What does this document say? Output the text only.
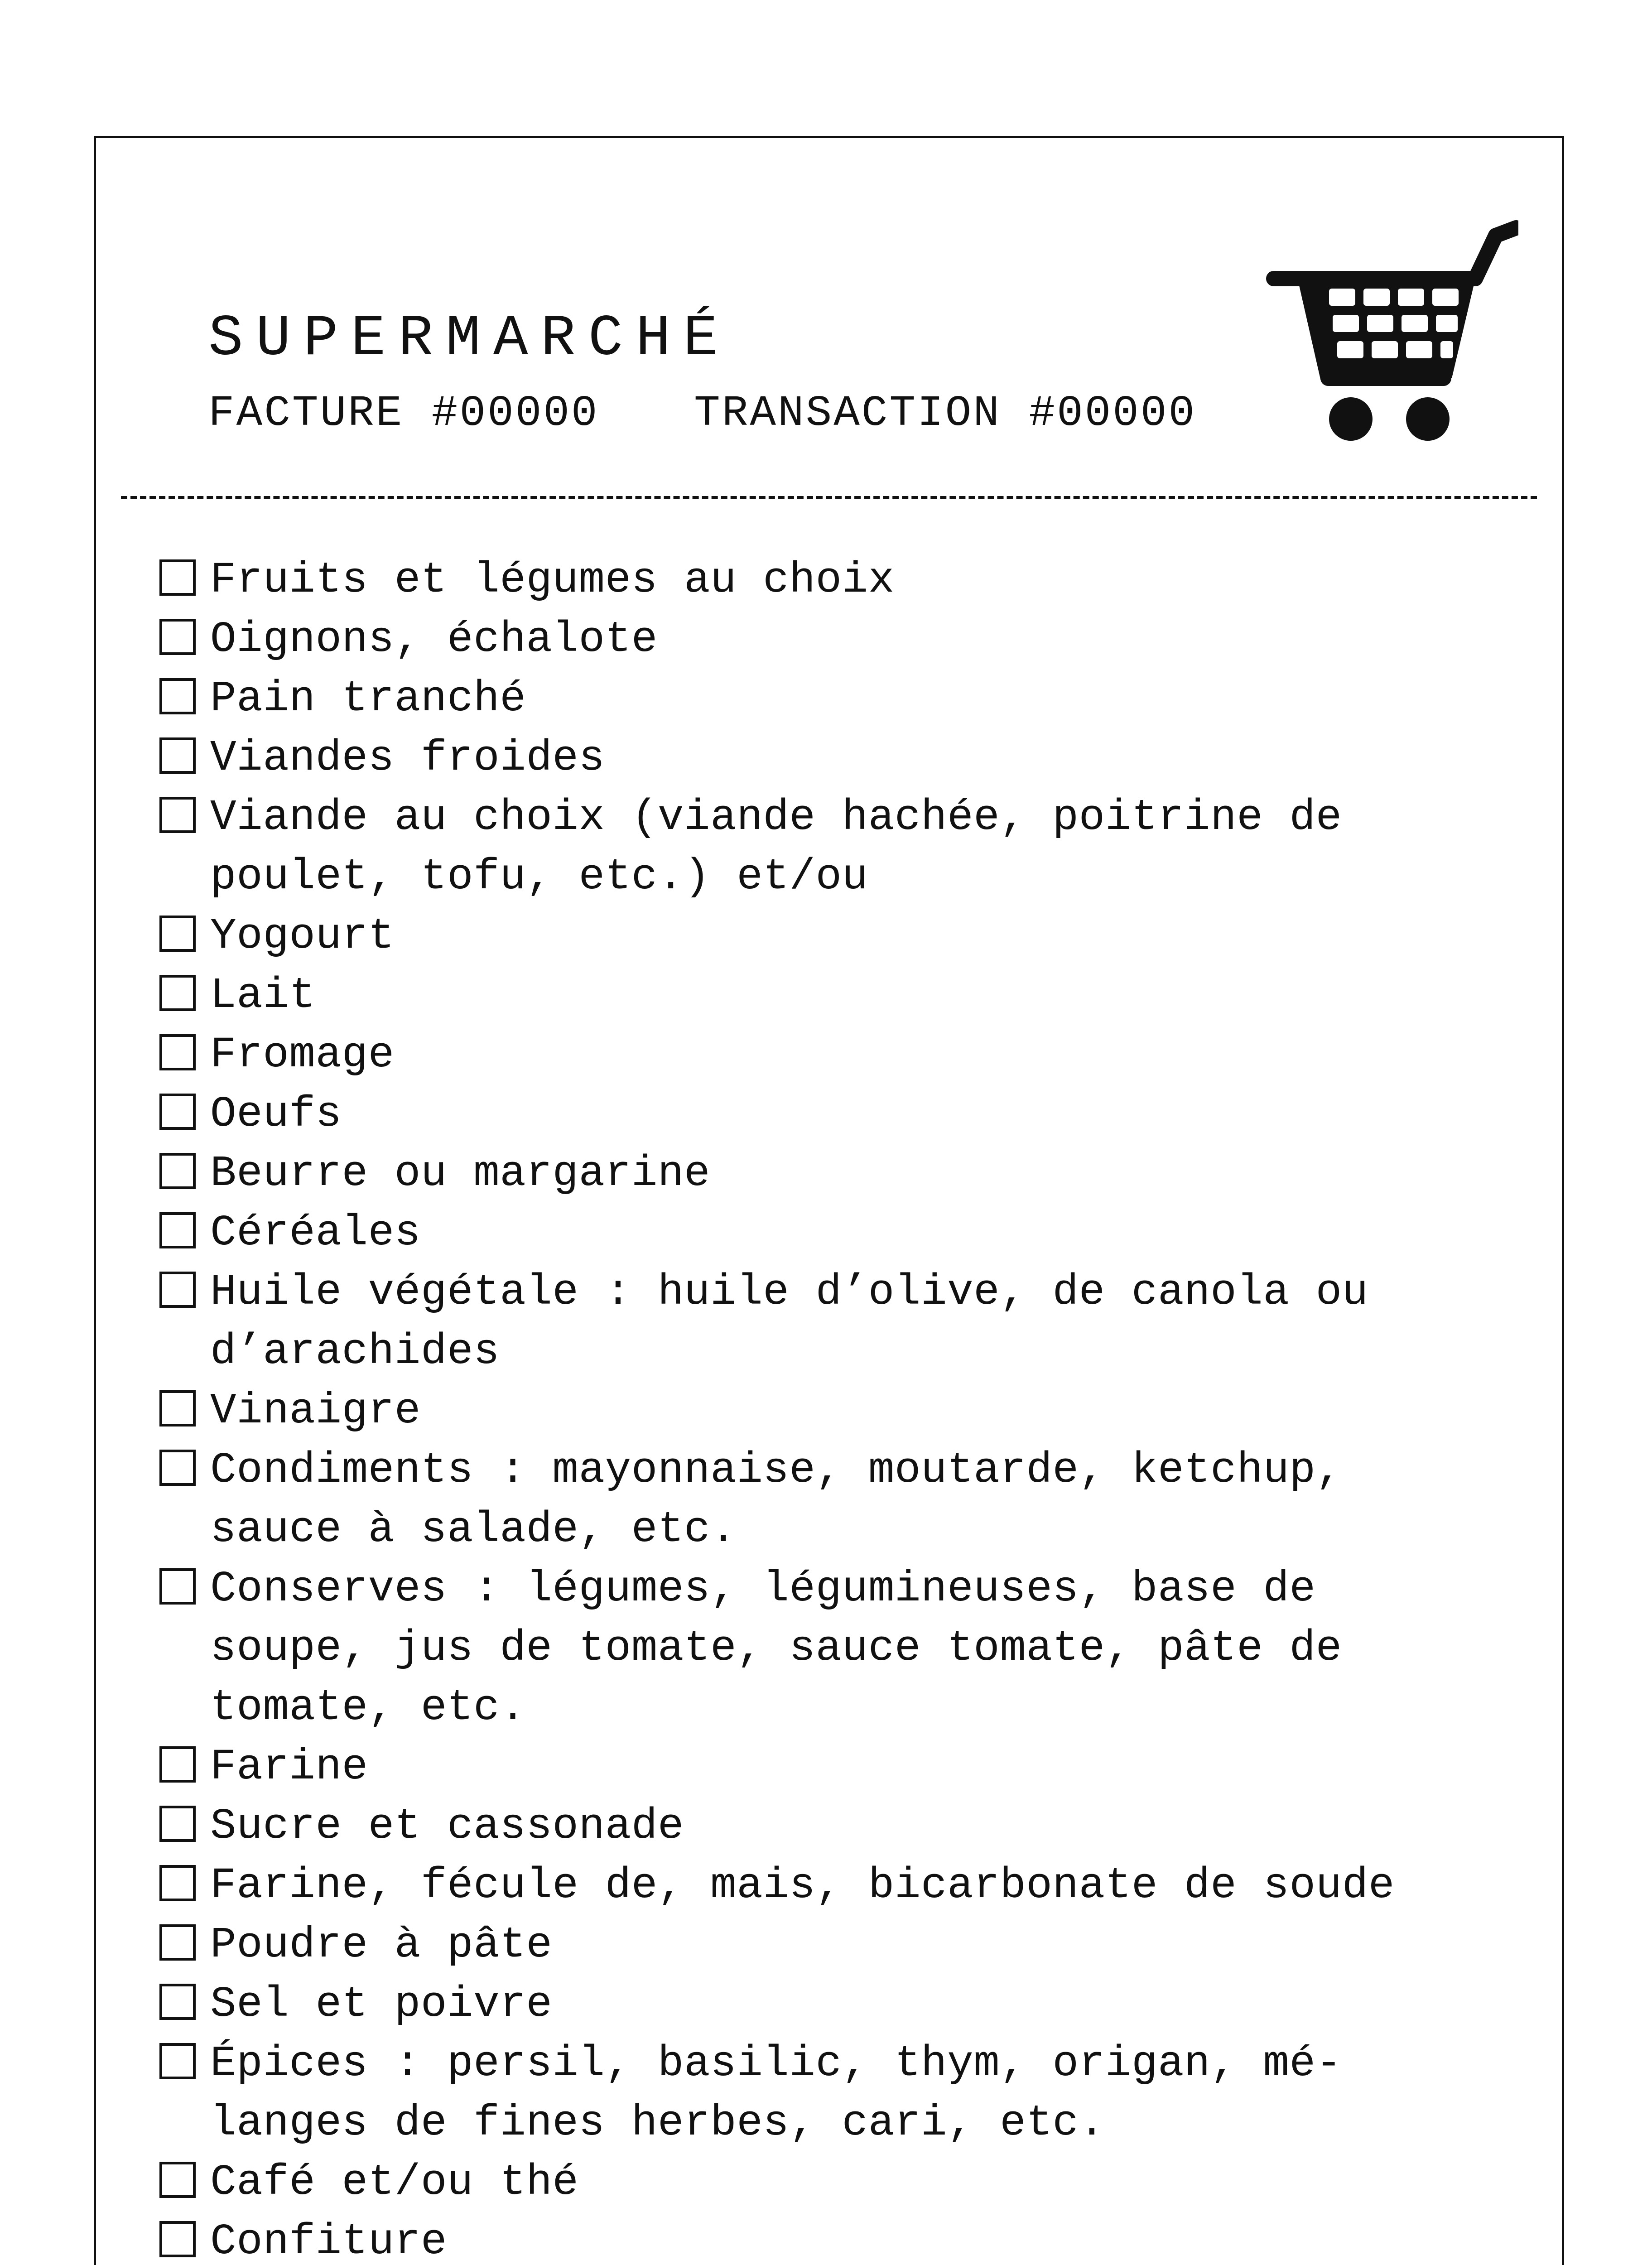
SUPERMARCHÉ
FACTURE #00000 TRANSACTION #00000
Fruits et légumes au choix
Oignons, échalote
Pain tranché
Viandes froides
Viande au choix (viande hachée, poitrine de poulet, tofu, etc.) et/ou
Yogourt
Lait
Fromage
Oeufs
Beurre ou margarine
Céréales
Huile végétale : huile d’olive, de canola ou d’arachides
Vinaigre
Condiments : mayonnaise, moutarde, ketchup, sauce à salade, etc.
Conserves : légumes, légumineuses, base de soupe, jus de tomate, sauce tomate, pâte de tomate, etc.
Farine
Sucre et cassonade
Farine, fécule de, mais, bicarbonate de soude
Poudre à pâte
Sel et poivre
Épices : persil, basilic, thym, origan, mé-langes de fines herbes, cari, etc.
Café et/ou thé
Confiture
